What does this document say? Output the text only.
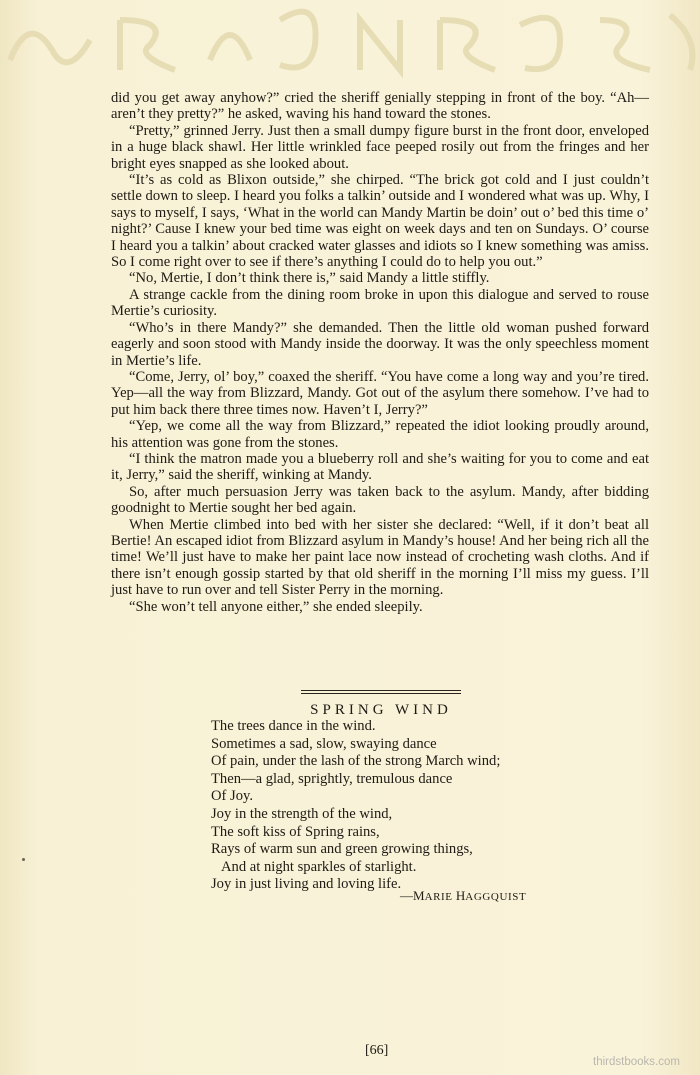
did you get away anyhow?” cried the sheriff genially stepping in front of the boy. “Ah—aren’t they pretty?” he asked, waving his hand toward the stones.

“Pretty,” grinned Jerry. Just then a small dumpy figure burst in the front door, enveloped in a huge black shawl. Her little wrinkled face peeped rosily out from the fringes and her bright eyes snapped as she looked about.

“It’s as cold as Blixon outside,” she chirped. “The brick got cold and I just couldn’t settle down to sleep. I heard you folks a talkin’ outside and I wondered what was up. Why, I says to myself, I says, ‘What in the world can Mandy Martin be doin’ out o’ bed this time o’ night?’ Cause I knew your bed time was eight on week days and ten on Sundays. O’ course I heard you a talkin’ about cracked water glasses and idiots so I knew something was amiss. So I come right over to see if there’s anything I could do to help you out.”

“No, Mertie, I don’t think there is,” said Mandy a little stiffly.

A strange cackle from the dining room broke in upon this dialogue and served to rouse Mertie’s curiosity.

“Who’s in there Mandy?” she demanded. Then the little old woman pushed forward eagerly and soon stood with Mandy inside the doorway. It was the only speechless moment in Mertie’s life.

“Come, Jerry, ol’ boy,” coaxed the sheriff. “You have come a long way and you’re tired. Yep—all the way from Blizzard, Mandy. Got out of the asylum there somehow. I’ve had to put him back there three times now. Haven’t I, Jerry?”

“Yep, we come all the way from Blizzard,” repeated the idiot looking proudly around, his attention was gone from the stones.

“I think the matron made you a blueberry roll and she’s waiting for you to come and eat it, Jerry,” said the sheriff, winking at Mandy.

So, after much persuasion Jerry was taken back to the asylum. Mandy, after bidding goodnight to Mertie sought her bed again.

When Mertie climbed into bed with her sister she declared: “Well, if it don’t beat all Bertie! An escaped idiot from Blizzard asylum in Mandy’s house! And her being rich all the time! We’ll just have to make her paint lace now instead of crocheting wash cloths. And if there isn’t enough gossip started by that old sheriff in the morning I’ll miss my guess. I’ll just have to run over and tell Sister Perry in the morning.

“She won’t tell anyone either,” she ended sleepily.

SPRING WIND
The trees dance in the wind.
Sometimes a sad, slow, swaying dance
Of pain, under the lash of the strong March wind;
Then—a glad, sprightly, tremulous dance
Of Joy.
Joy in the strength of the wind,
The soft kiss of Spring rains,
Rays of warm sun and green growing things,
And at night sparkles of starlight.
Joy in just living and loving life.
—MARIE HAGGQUIST
[66]
thirdstbooks.com
